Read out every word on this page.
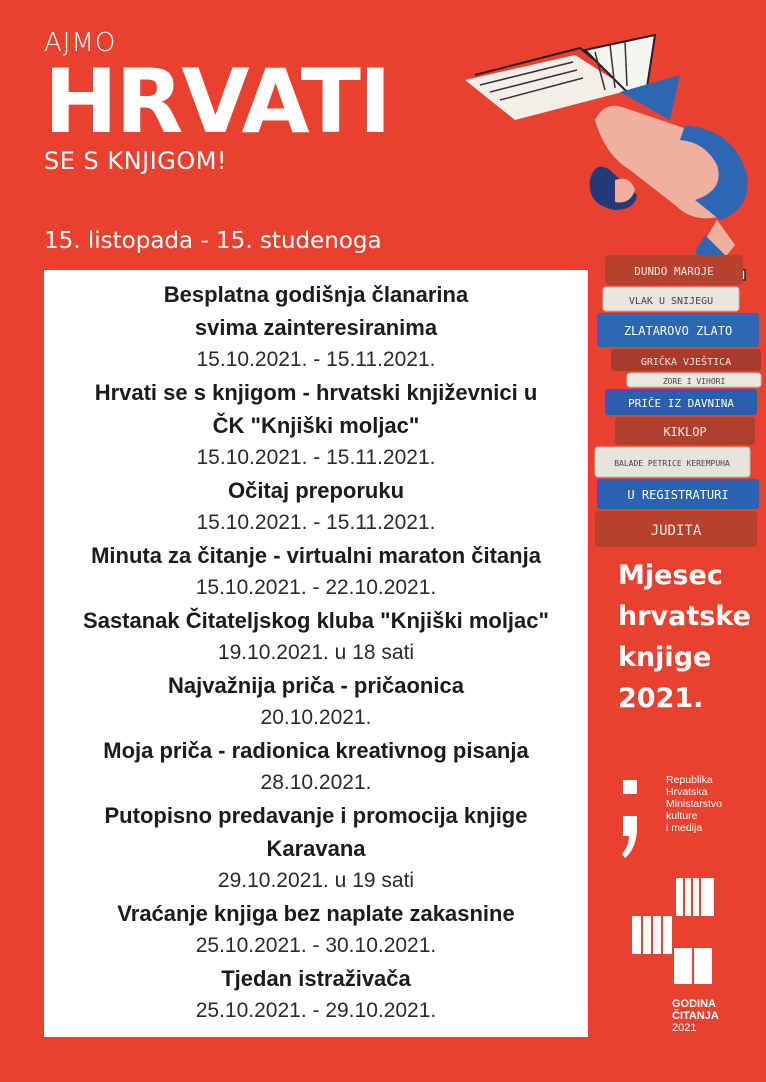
AJMO
HRVATI
SE S KNJIGOM!
15. listopada - 15. studenoga
DUNDO MAROJE
VLAK U SNIJEGU
ZLATAROVO ZLATO
GRIČKA VJEŠTICA
ZORE I VIHORI
PRIČE IZ DAVNINA
KIKLOP
BALADE PETRICE KEREMPUHA
U REGISTRATURI
JUDITA
Besplatna godišnja članarina
svima zainteresiranima
15.10.2021. - 15.11.2021.
Hrvati se s knjigom - hrvatski književnici u
ČK "Knjiški moljac"
15.10.2021. - 15.11.2021.
Očitaj preporuku
15.10.2021. - 15.11.2021.
Minuta za čitanje - virtualni maraton čitanja
15.10.2021. - 22.10.2021.
Sastanak Čitateljskog kluba "Knjiški moljac"
19.10.2021. u 18 sati
Najvažnija priča - pričaonica
20.10.2021.
Moja priča - radionica kreativnog pisanja
28.10.2021.
Putopisno predavanje i promocija knjige
Karavana
29.10.2021. u 19 sati
Vraćanje knjiga bez naplate zakasnine
25.10.2021. - 30.10.2021.
Tjedan istraživača
25.10.2021. - 29.10.2021.
Mjesec
hrvatske
knjige
2021.
Republika
Hrvatska
Ministarstvo
kulture
i medija
GODINA
ČITANJA
2021
